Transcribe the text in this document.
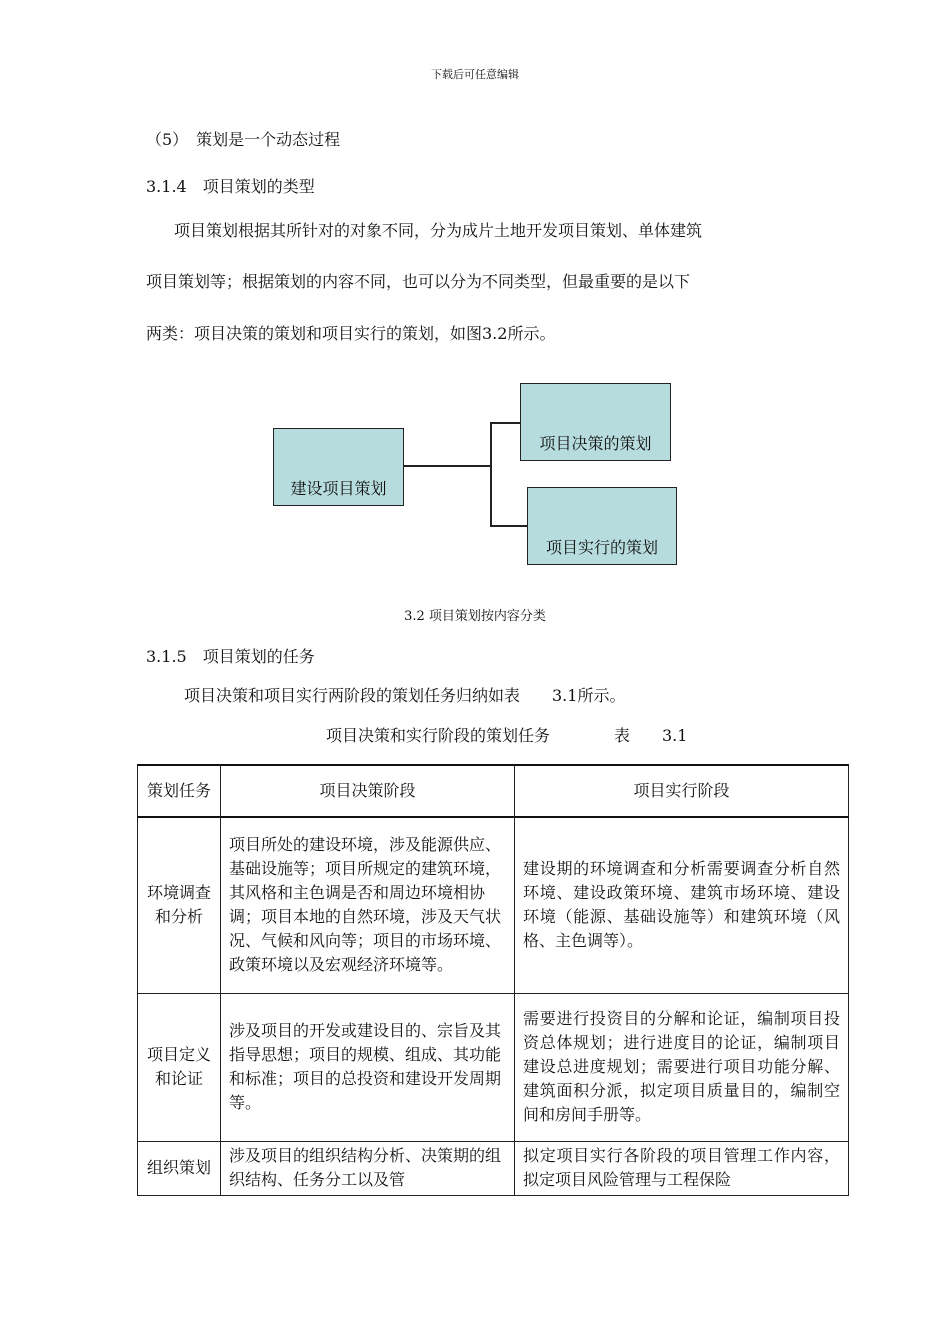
下载后可任意编辑
（5）　策划是一个动态过程
3.1.4　项目策划的类型
项目策划根据其所针对的对象不同，分为成片土地开发项目策划、单体建筑
项目策划等；根据策划的内容不同，也可以分为不同类型，但最重要的是以下
两类：项目决策的策划和项目实行的策划，如图3.2所示。
建设项目策划
项目决策的策划
项目实行的策划
3.2 项目策划按内容分类
3.1.5　项目策划的任务
项目决策和项目实行两阶段的策划任务归纳如表　　3.1所示。
项目决策和实行阶段的策划任务　　　　表　　3.1
策划任务	项目决策阶段	项目实行阶段
环境调查和分析	项目所处的建设环境，涉及能源供应、基础设施等；项目所规定的建筑环境，其风格和主色调是否和周边环境相协调；项目本地的自然环境，涉及天气状况、气候和风向等；项目的市场环境、政策环境以及宏观经济环境等。	建设期的环境调查和分析需要调查分析自然环境、建设政策环境、建筑市场环境、建设环境（能源、基础设施等）和建筑环境（风格、主色调等）。
项目定义和论证	涉及项目的开发或建设目的、宗旨及其指导思想；项目的规模、组成、其功能和标准；项目的总投资和建设开发周期等。	需要进行投资目的分解和论证，编制项目投资总体规划；进行进度目的论证，编制项目建设总进度规划；需要进行项目功能分解、建筑面积分派，拟定项目质量目的，编制空间和房间手册等。
组织策划	涉及项目的组织结构分析、决策期的组织结构、任务分工以及管	拟定项目实行各阶段的项目管理工作内容，拟定项目风险管理与工程保险
